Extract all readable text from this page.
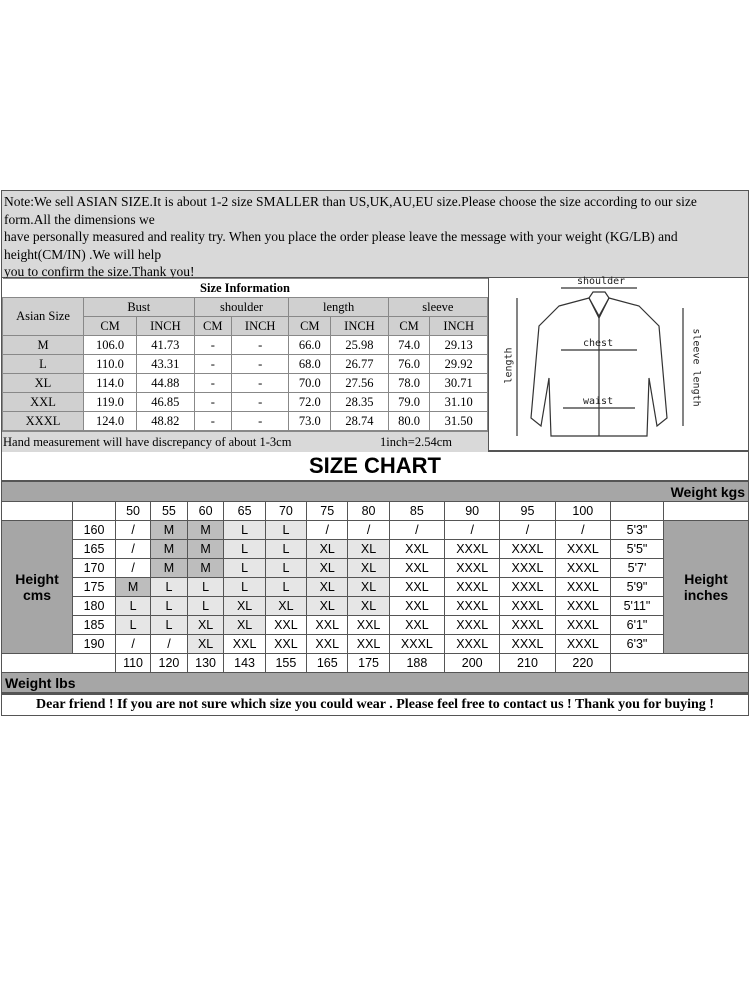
Note:We sell ASIAN SIZE.It is about 1-2 size SMALLER than US,UK,AU,EU size.Please choose the size according to our size form.All the dimensions we
have personally measured and reality try. When you place the order please leave the message with your weight (KG/LB) and height(CM/IN) .We will help
you to confirm the size.Thank you!
Size Information								
Asian Size	Bust		shoulder		length		sleeve	
	CM	INCH	CM	INCH	CM	INCH	CM	INCH
M	106.0	41.73	-	-	66.0	25.98	74.0	29.13
L	110.0	43.31	-	-	68.0	26.77	76.0	29.92
XL	114.0	44.88	-	-	70.0	27.56	78.0	30.71
XXL	119.0	46.85	-	-	72.0	28.35	79.0	31.10
XXXL	124.0	48.82	-	-	73.0	28.74	80.0	31.50
Hand measurement will have discrepancy of about 1-3cm	1inch=2.54cm
shoulder
chest
waist
length	sleeve length
SIZE CHART
Weight kgs														
		50	55	60	65	70	75	80	85	90	95	100		
Height cms	160	/	M	M	L	L	/	/	/	/	/	/	5'3"	Height inches
	165	/	M	M	L	L	XL	XL	XXL	XXXL	XXXL	XXXL	5'5"	
	170	/	M	M	L	L	XL	XL	XXL	XXXL	XXXL	XXXL	5'7'	
	175	M	L	L	L	L	XL	XL	XXL	XXXL	XXXL	XXXL	5'9"	
	180	L	L	L	XL	XL	XL	XL	XXL	XXXL	XXXL	XXXL	5'11"	
	185	L	L	XL	XL	XXL	XXL	XXL	XXL	XXXL	XXXL	XXXL	6'1"	
	190	/	/	XL	XXL	XXL	XXL	XXL	XXXL	XXXL	XXXL	XXXL	6'3"	
		110	120	130	143	155	165	175	188	200	210	220		
Weight lbs														
Dear friend ! If you are not sure which size you could wear . Please feel free to contact us ! Thank you for buying !
